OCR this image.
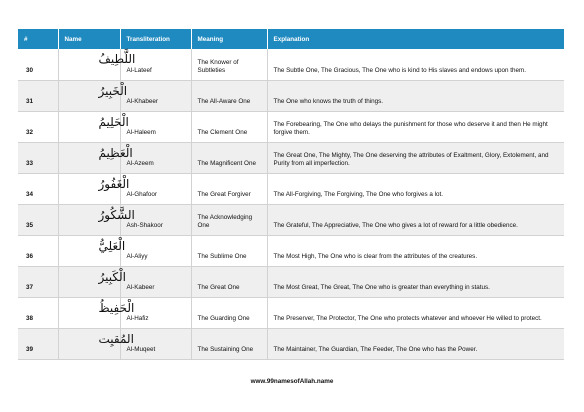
#	Name	Transliteration	Meaning	Explanation
30	اللَّطِيفُ	Al-Lateef	The Knower of Subtleties	The Subtle One, The Gracious, The One who is kind to His slaves and endows upon them.
31	الْخَبِيرُ	Al-Khabeer	The All-Aware One	The One who knows the truth of things.
32	الْحَلِيمُ	Al-Haleem	The Clement One	The Forebearing, The One who delays the punishment for those who deserve it and then He might forgive them.
33	الْعَظِيمُ	Al-Azeem	The Magnificent One	The Great One, The Mighty, The One deserving the attributes of Exaltment, Glory, Extolement, and Purity from all imperfection.
34	الْغَفُورُ	Al-Ghafoor	The Great Forgiver	The All-Forgiving, The Forgiving, The One who forgives a lot.
35	الشَّكُورُ	Ash-Shakoor	The Acknowledging One	The Grateful, The Appreciative, The One who gives a lot of reward for a little obedience.
36	الْعَلِيُّ	Al-Aliyy	The Sublime One	The Most High, The One who is clear from the attributes of the creatures.
37	الْكَبِيرُ	Al-Kabeer	The Great One	The Most Great, The Great, The One who is greater than everything in status.
38	الْحَفِيظُ	Al-Hafiz	The Guarding One	The Preserver, The Protector, The One who protects whatever and whoever He willed to protect.
39	المُقيِت	Al-Muqeet	The Sustaining One	The Maintainer, The Guardian, The Feeder, The One who has the Power.
www.99namesofAllah.name
